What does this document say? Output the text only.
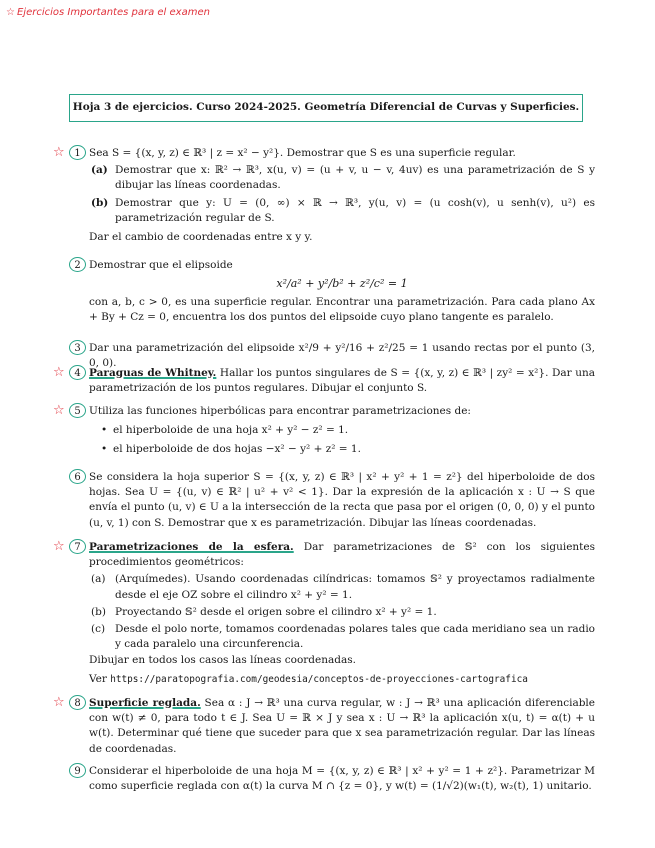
☆ Ejercicios Importantes para el examen
Hoja 3 de ejercicios. Curso 2024-2025. Geometría Diferencial de Curvas y Superficies.
☆ 1 Sea S = {(x, y, z) ∈ ℝ³ | z = x² − y²}. Demostrar que S es una superficie regular.

(a) Demostrar que x: ℝ² → ℝ³, x(u, v) = (u + v, u − v, 4uv) es una parametrización de S y dibujar las líneas coordenadas.
(b) Demostrar que y: U = (0, ∞) × ℝ → ℝ³, y(u, v) = (u cosh(v), u senh(v), u²) es parametrización regular de S.

Dar el cambio de coordenadas entre x y y.

2 Demostrar que el elipsoide

x²/a² + y²/b² + z²/c² = 1

con a, b, c > 0, es una superficie regular. Encontrar una parametrización. Para cada plano Ax + By + Cz = 0, encuentra los dos puntos del elipsoide cuyo plano tangente es paralelo.

3 Dar una parametrización del elipsoide x²/9 + y²/16 + z²/25 = 1 usando rectas por el punto (3, 0, 0).

☆ 4 Paraguas de Whitney. Hallar los puntos singulares de S = {(x, y, z) ∈ ℝ³ | zy² = x²}. Dar una parametrización de los puntos regulares. Dibujar el conjunto S.

☆ 5 Utiliza las funciones hiperbólicas para encontrar parametrizaciones de:

• el hiperboloide de una hoja x² + y² − z² = 1.
• el hiperboloide de dos hojas −x² − y² + z² = 1.
6 Se considera la hoja superior S = {(x, y, z) ∈ ℝ³ | x² + y² + 1 = z²} del hiperboloide de dos hojas. Sea U = {(u, v) ∈ ℝ² | u² + v² < 1}. Dar la expresión de la aplicación x : U → S que envía el punto (u, v) ∈ U a la intersección de la recta que pasa por el origen (0, 0, 0) y el punto (u, v, 1) con S. Demostrar que x es parametrización. Dibujar las líneas coordenadas.

☆ 7 Parametrizaciones de la esfera. Dar parametrizaciones de 𝕊² con los siguientes procedimientos geométricos:

(a) (Arquímedes). Usando coordenadas cilíndricas: tomamos 𝕊² y proyectamos radialmente desde el eje OZ sobre el cilindro x² + y² = 1.
(b) Proyectando 𝕊² desde el origen sobre el cilindro x² + y² = 1.
(c) Desde el polo norte, tomamos coordenadas polares tales que cada meridiano sea un radio y cada paralelo una circunferencia.

Dibujar en todos los casos las líneas coordenadas.

Ver https://paratopografia.com/geodesia/conceptos-de-proyecciones-cartografica

☆ 8 Superficie reglada. Sea α : J → ℝ³ una curva regular, w : J → ℝ³ una aplicación diferenciable con w(t) ≠ 0, para todo t ∈ J. Sea U = ℝ × J y sea x : U → ℝ³ la aplicación x(u, t) = α(t) + u w(t). Determinar qué tiene que suceder para que x sea parametrización regular. Dar las líneas de coordenadas.

9 Considerar el hiperboloide de una hoja M = {(x, y, z) ∈ ℝ³ | x² + y² = 1 + z²}. Parametrizar M como superficie reglada con α(t) la curva M ∩ {z = 0}, y w(t) = (1/√2)(w₁(t), w₂(t), 1) unitario.
